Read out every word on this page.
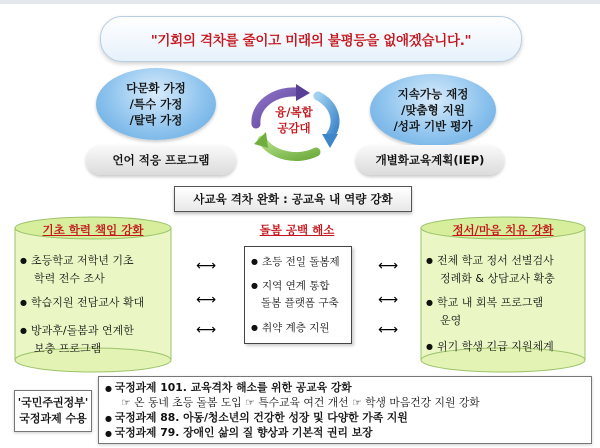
"기회의 격차를 줄이고 미래의 불평등을 없애겠습니다."
다문화 가정
/특수 가정
/탈락 가정
지속가능 재정
/맞춤형 지원
/성과 기반 평가
융/복합
공감대
언어 적응 프로그램	개별화교육계획(IEP)
사교육 격차 완화 : 공교육 내 역량 강화
기초 학력 책임 강화
● 초등학교 저학년 기초
학력 전수 조사
● 학습지원 전담교사 확대
● 방과후/돌봄과 연계한
보충 프로그램
돌봄 공백 해소
● 초등 전일 돌봄제
● 지역 연계 통합
돌봄 플랫폼 구축
● 취약 계층 지원
⟷
⟷
⟷
⟷
⟷
⟷
정서/마음 치유 강화
● 전체 학교 정서 선별검사
정례화 & 상담교사 확충
● 학교 내 회복 프로그램
운영
● 위기 학생 긴급 지원체계
'국민주권정부'
국정과제 수용
● 국정과제 101. 교육격차 해소를 위한 공교육 강화
☞ 온 동네 초등 돌봄 도입 ☞ 특수교육 여건 개선 ☞ 학생 마음건강 지원 강화
● 국정과제 88. 아동/청소년의 건강한 성장 및 다양한 가족 지원
● 국정과제 79. 장애인 삶의 질 향상과 기본적 권리 보장
